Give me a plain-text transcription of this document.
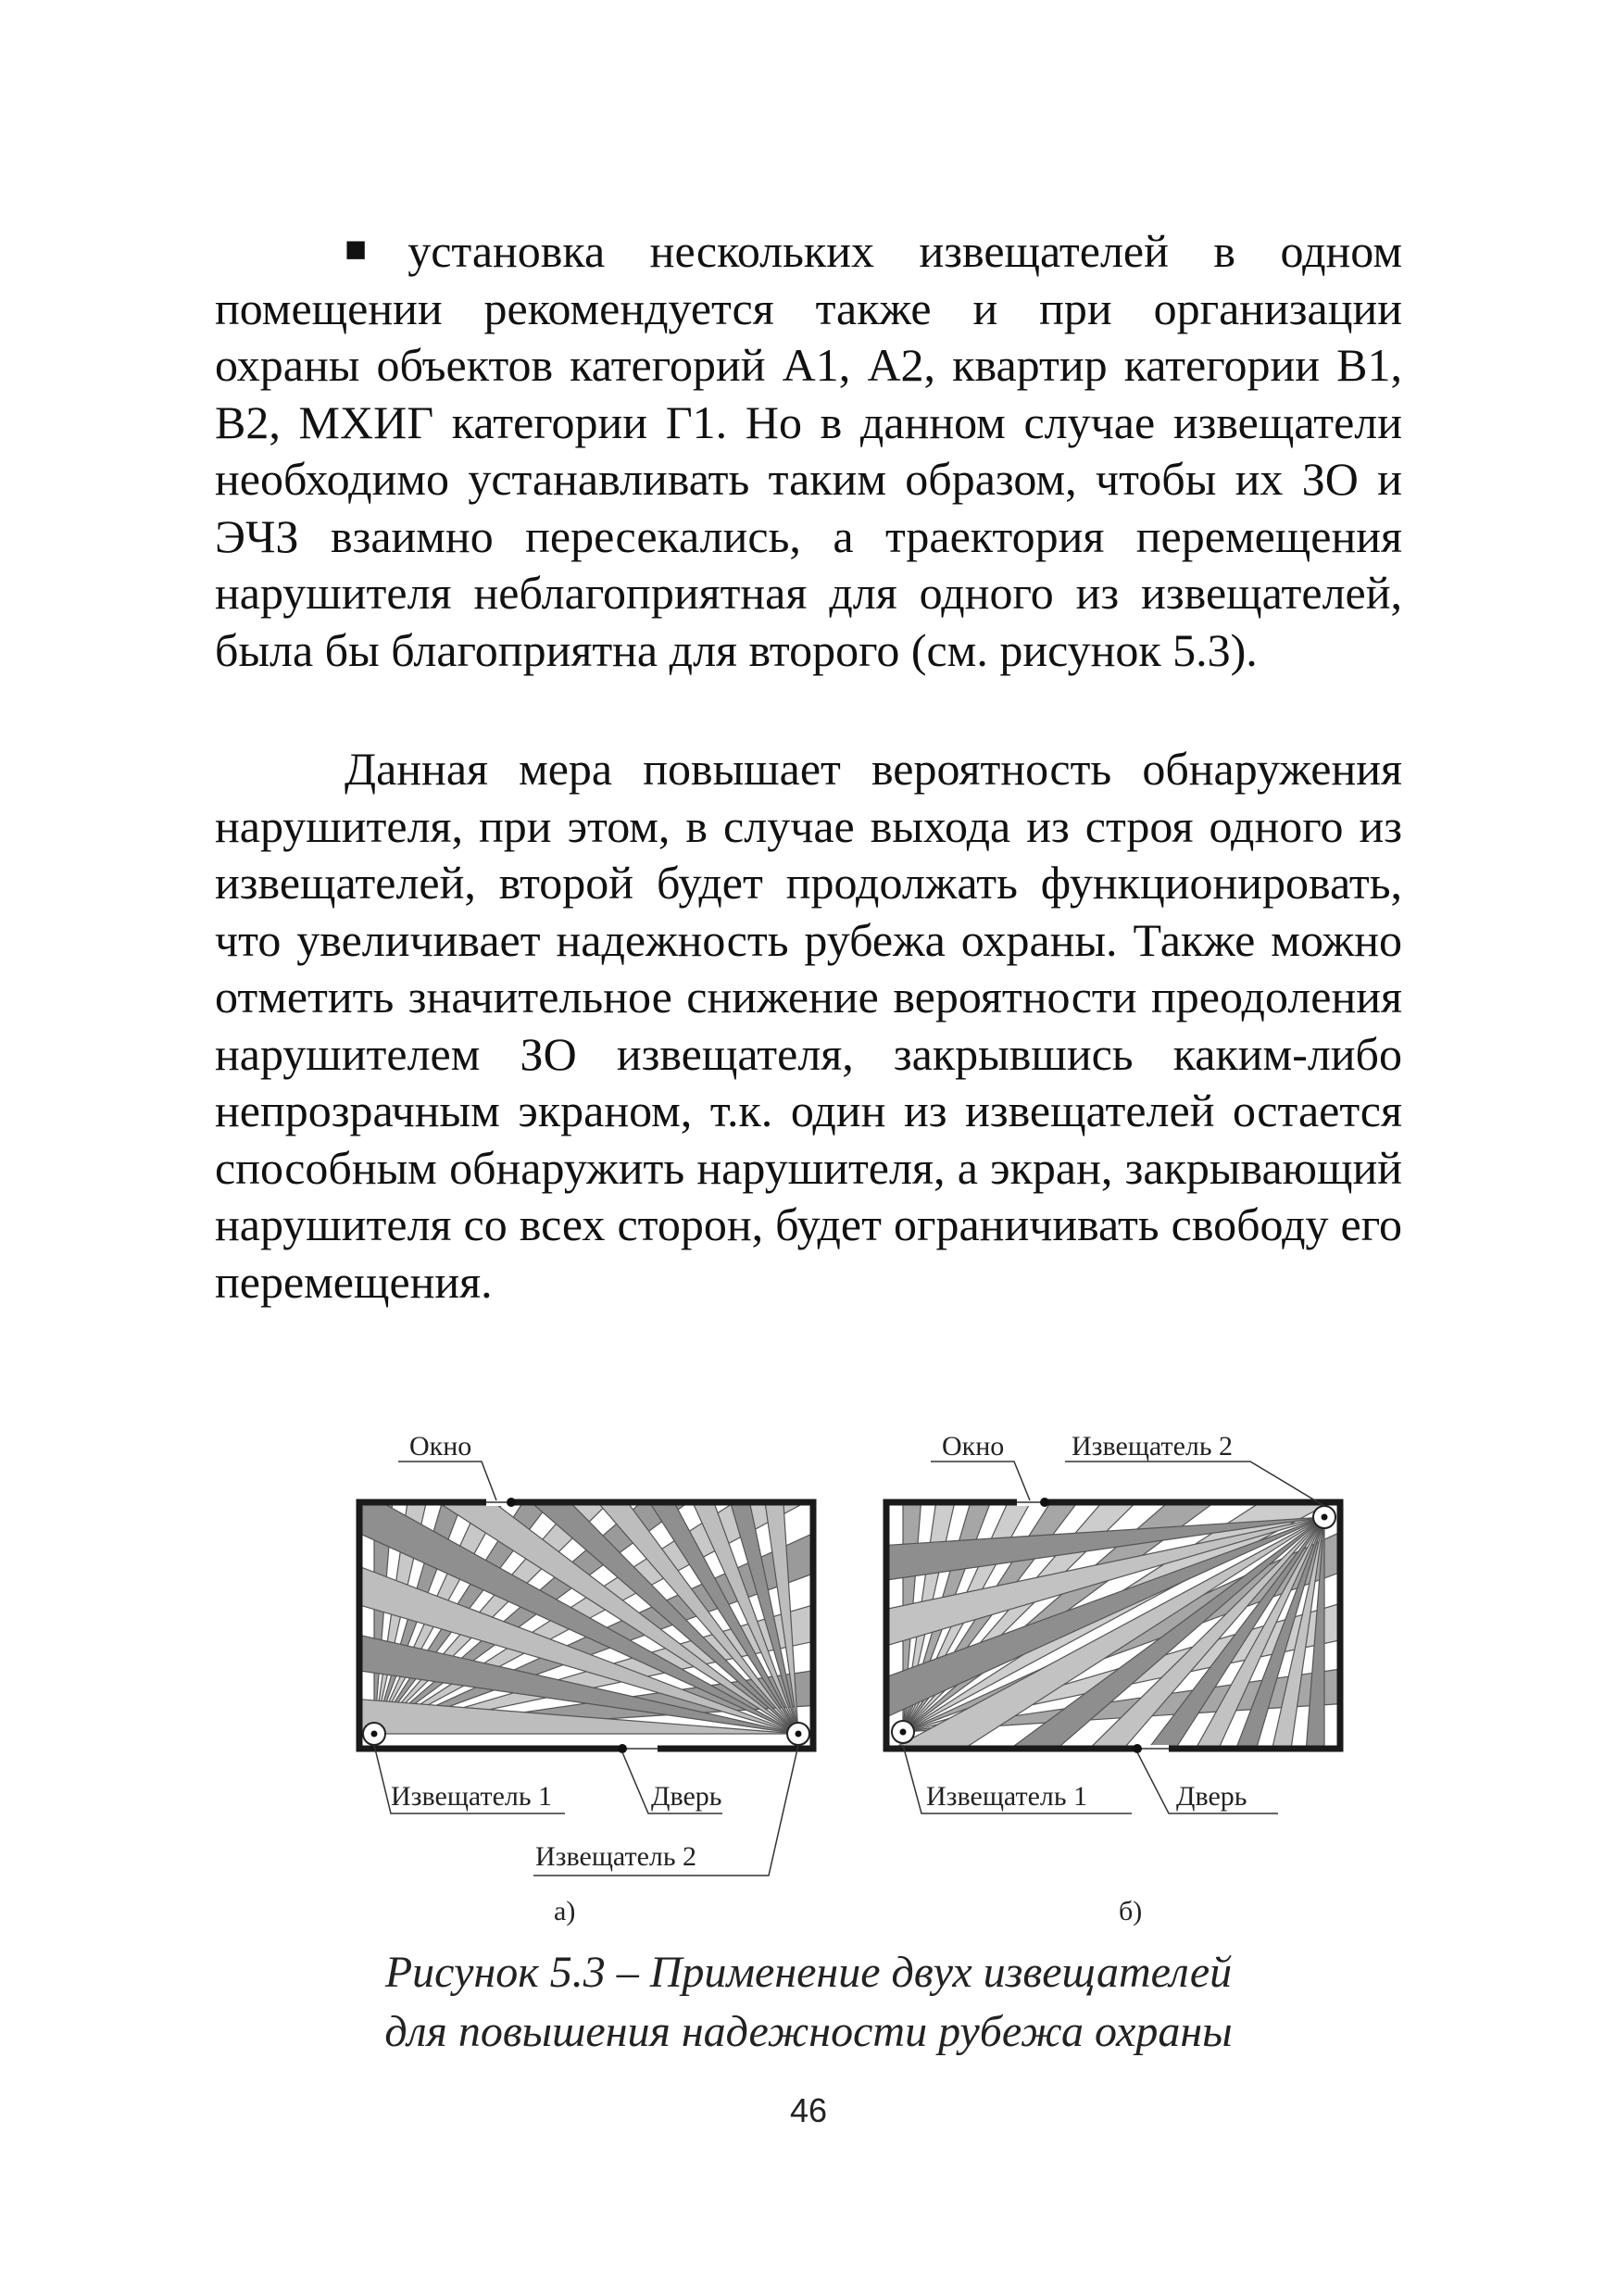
■ установка нескольких извещателей в одном помещении рекомендуется также и при организации охраны объектов категорий А1, А2, квартир категории В1, В2, МХИГ категории Г1. Но в данном случае извещатели необходимо устанавливать таким образом, чтобы их ЗО и ЭЧЗ взаимно пересекались, а траектория перемещения нарушителя неблагоприятная для одного из извещателей, была бы благоприятна для второго (см. рисунок 5.3).

Данная мера повышает вероятность обнаружения нарушителя, при этом, в случае выхода из строя одного из извещателей, второй будет продолжать функционировать, что увеличивает надежность рубежа охраны. Также можно отметить значительное снижение вероятности преодоления нарушителем ЗО извещателя, закрывшись каким-либо непрозрачным экраном, т.к. один из извещателей остается способным обнаружить нарушителя, а экран, закрывающий нарушителя со всех сторон, будет ограничивать свободу его перемещения.

Окно
Извещатель 1	Дверь
Извещатель 2
а)
Окно Извещатель 2
Извещатель 1	Дверь
б)
Рисунок 5.3 – Применение двух извещателей
для повышения надежности рубежа охраны
46
